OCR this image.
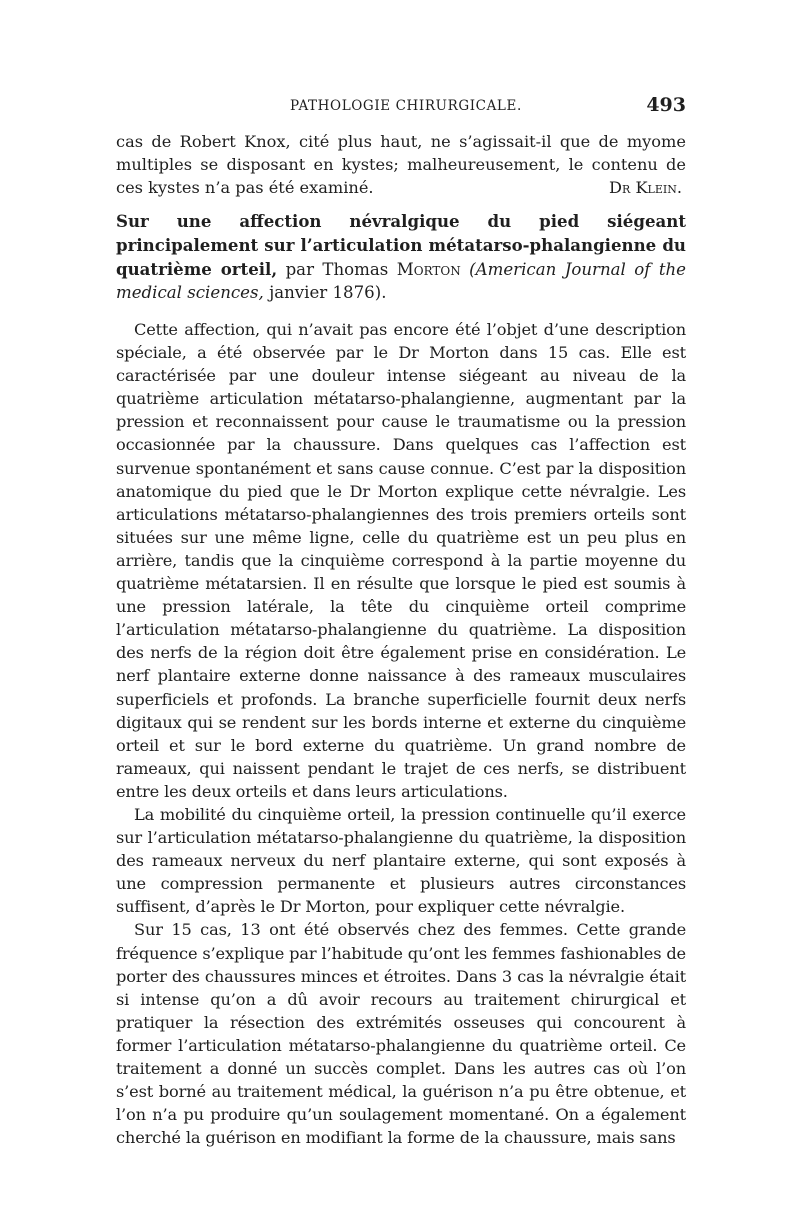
PATHOLOGIE CHIRURGICALE.	493

cas de Robert Knox, cité plus haut, ne s’agissait-il que de myome multiples se disposant en kystes; malheureusement, le contenu de ces kystes n’a pas été examiné.	Dr Klein.

Sur une affection névralgique du pied siégeant principalement sur l’articulation métatarso-phalangienne du quatrième orteil, par Thomas Morton (American Journal of the medical sciences, janvier 1876).

Cette affection, qui n’avait pas encore été l’objet d’une description spéciale, a été observée par le Dr Morton dans 15 cas. Elle est caractérisée par une douleur intense siégeant au niveau de la quatrième articulation métatarso-phalangienne, augmentant par la pression et reconnaissent pour cause le traumatisme ou la pression occasionnée par la chaussure. Dans quelques cas l’affection est survenue spontanément et sans cause connue. C’est par la disposition anatomique du pied que le Dr Morton explique cette névralgie. Les articulations métatarso-phalangiennes des trois premiers orteils sont situées sur une même ligne, celle du quatrième est un peu plus en arrière, tandis que la cinquième correspond à la partie moyenne du quatrième métatarsien. Il en résulte que lorsque le pied est soumis à une pression latérale, la tête du cinquième orteil comprime l’articulation métatarso-phalangienne du quatrième. La disposition des nerfs de la région doit être également prise en considération. Le nerf plantaire externe donne naissance à des rameaux musculaires superficiels et profonds. La branche superficielle fournit deux nerfs digitaux qui se rendent sur les bords interne et externe du cinquième orteil et sur le bord externe du quatrième. Un grand nombre de rameaux, qui naissent pendant le trajet de ces nerfs, se distribuent entre les deux orteils et dans leurs articulations.

La mobilité du cinquième orteil, la pression continuelle qu’il exerce sur l’articulation métatarso-phalangienne du quatrième, la disposition des rameaux nerveux du nerf plantaire externe, qui sont exposés à une compression permanente et plusieurs autres circonstances suffisent, d’après le Dr Morton, pour expliquer cette névralgie.

Sur 15 cas, 13 ont été observés chez des femmes. Cette grande fréquence s’explique par l’habitude qu’ont les femmes fashionables de porter des chaussures minces et étroites. Dans 3 cas la névralgie était si intense qu’on a dû avoir recours au traitement chirurgical et pratiquer la résection des extrémités osseuses qui concourent à former l’articulation métatarso-phalangienne du quatrième orteil. Ce traitement a donné un succès complet. Dans les autres cas où l’on s’est borné au traitement médical, la guérison n’a pu être obtenue, et l’on n’a pu produire qu’un soulagement momentané. On a également cherché la guérison en modifiant la forme de la chaussure, mais sans
